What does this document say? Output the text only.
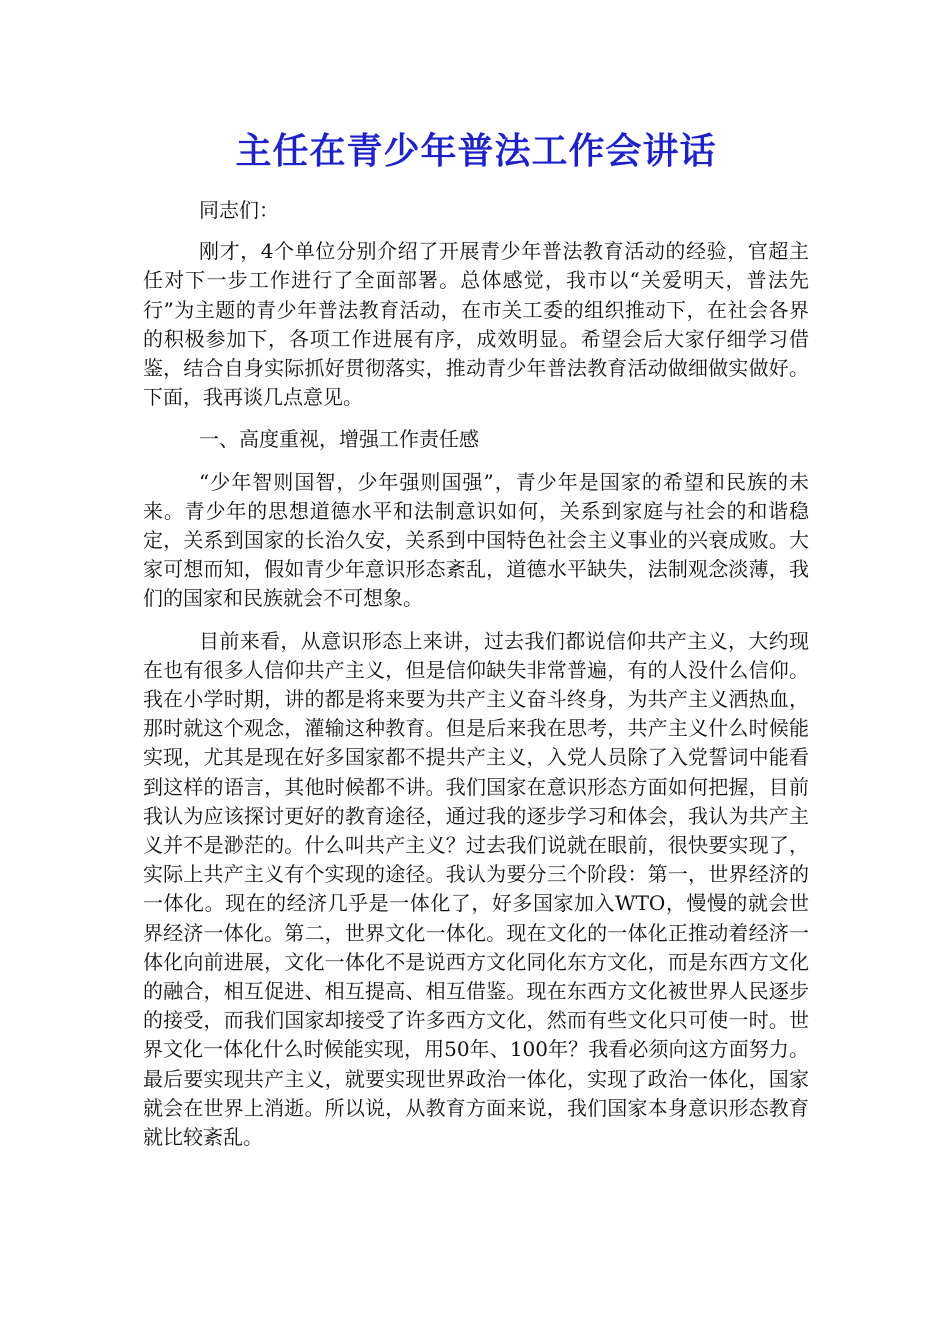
主任在青少年普法工作会讲话

同志们：

刚才，4个单位分别介绍了开展青少年普法教育活动的经验，官超主任对下一步工作进行了全面部署。总体感觉，我市以“关爱明天，普法先行”为主题的青少年普法教育活动，在市关工委的组织推动下，在社会各界的积极参加下，各项工作进展有序，成效明显。希望会后大家仔细学习借鉴，结合自身实际抓好贯彻落实，推动青少年普法教育活动做细做实做好。下面，我再谈几点意见。

一、高度重视，增强工作责任感

“少年智则国智，少年强则国强”，青少年是国家的希望和民族的未来。青少年的思想道德水平和法制意识如何，关系到家庭与社会的和谐稳定，关系到国家的长治久安，关系到中国特色社会主义事业的兴衰成败。大家可想而知，假如青少年意识形态紊乱，道德水平缺失，法制观念淡薄，我们的国家和民族就会不可想象。

目前来看，从意识形态上来讲，过去我们都说信仰共产主义，大约现在也有很多人信仰共产主义，但是信仰缺失非常普遍，有的人没什么信仰。我在小学时期，讲的都是将来要为共产主义奋斗终身，为共产主义洒热血，那时就这个观念，灌输这种教育。但是后来我在思考，共产主义什么时候能实现，尤其是现在好多国家都不提共产主义，入党人员除了入党誓词中能看到这样的语言，其他时候都不讲。我们国家在意识形态方面如何把握，目前我认为应该探讨更好的教育途径，通过我的逐步学习和体会，我认为共产主义并不是渺茫的。什么叫共产主义？过去我们说就在眼前，很快要实现了，实际上共产主义有个实现的途径。我认为要分三个阶段：第一，世界经济的一体化。现在的经济几乎是一体化了，好多国家加入WTO，慢慢的就会世界经济一体化。第二，世界文化一体化。现在文化的一体化正推动着经济一体化向前进展，文化一体化不是说西方文化同化东方文化，而是东西方文化的融合，相互促进、相互提高、相互借鉴。现在东西方文化被世界人民逐步的接受，而我们国家却接受了许多西方文化，然而有些文化只可使一时。世界文化一体化什么时候能实现，用50年、100年？我看必须向这方面努力。最后要实现共产主义，就要实现世界政治一体化，实现了政治一体化，国家就会在世界上消逝。所以说，从教育方面来说，我们国家本身意识形态教育就比较紊乱。
